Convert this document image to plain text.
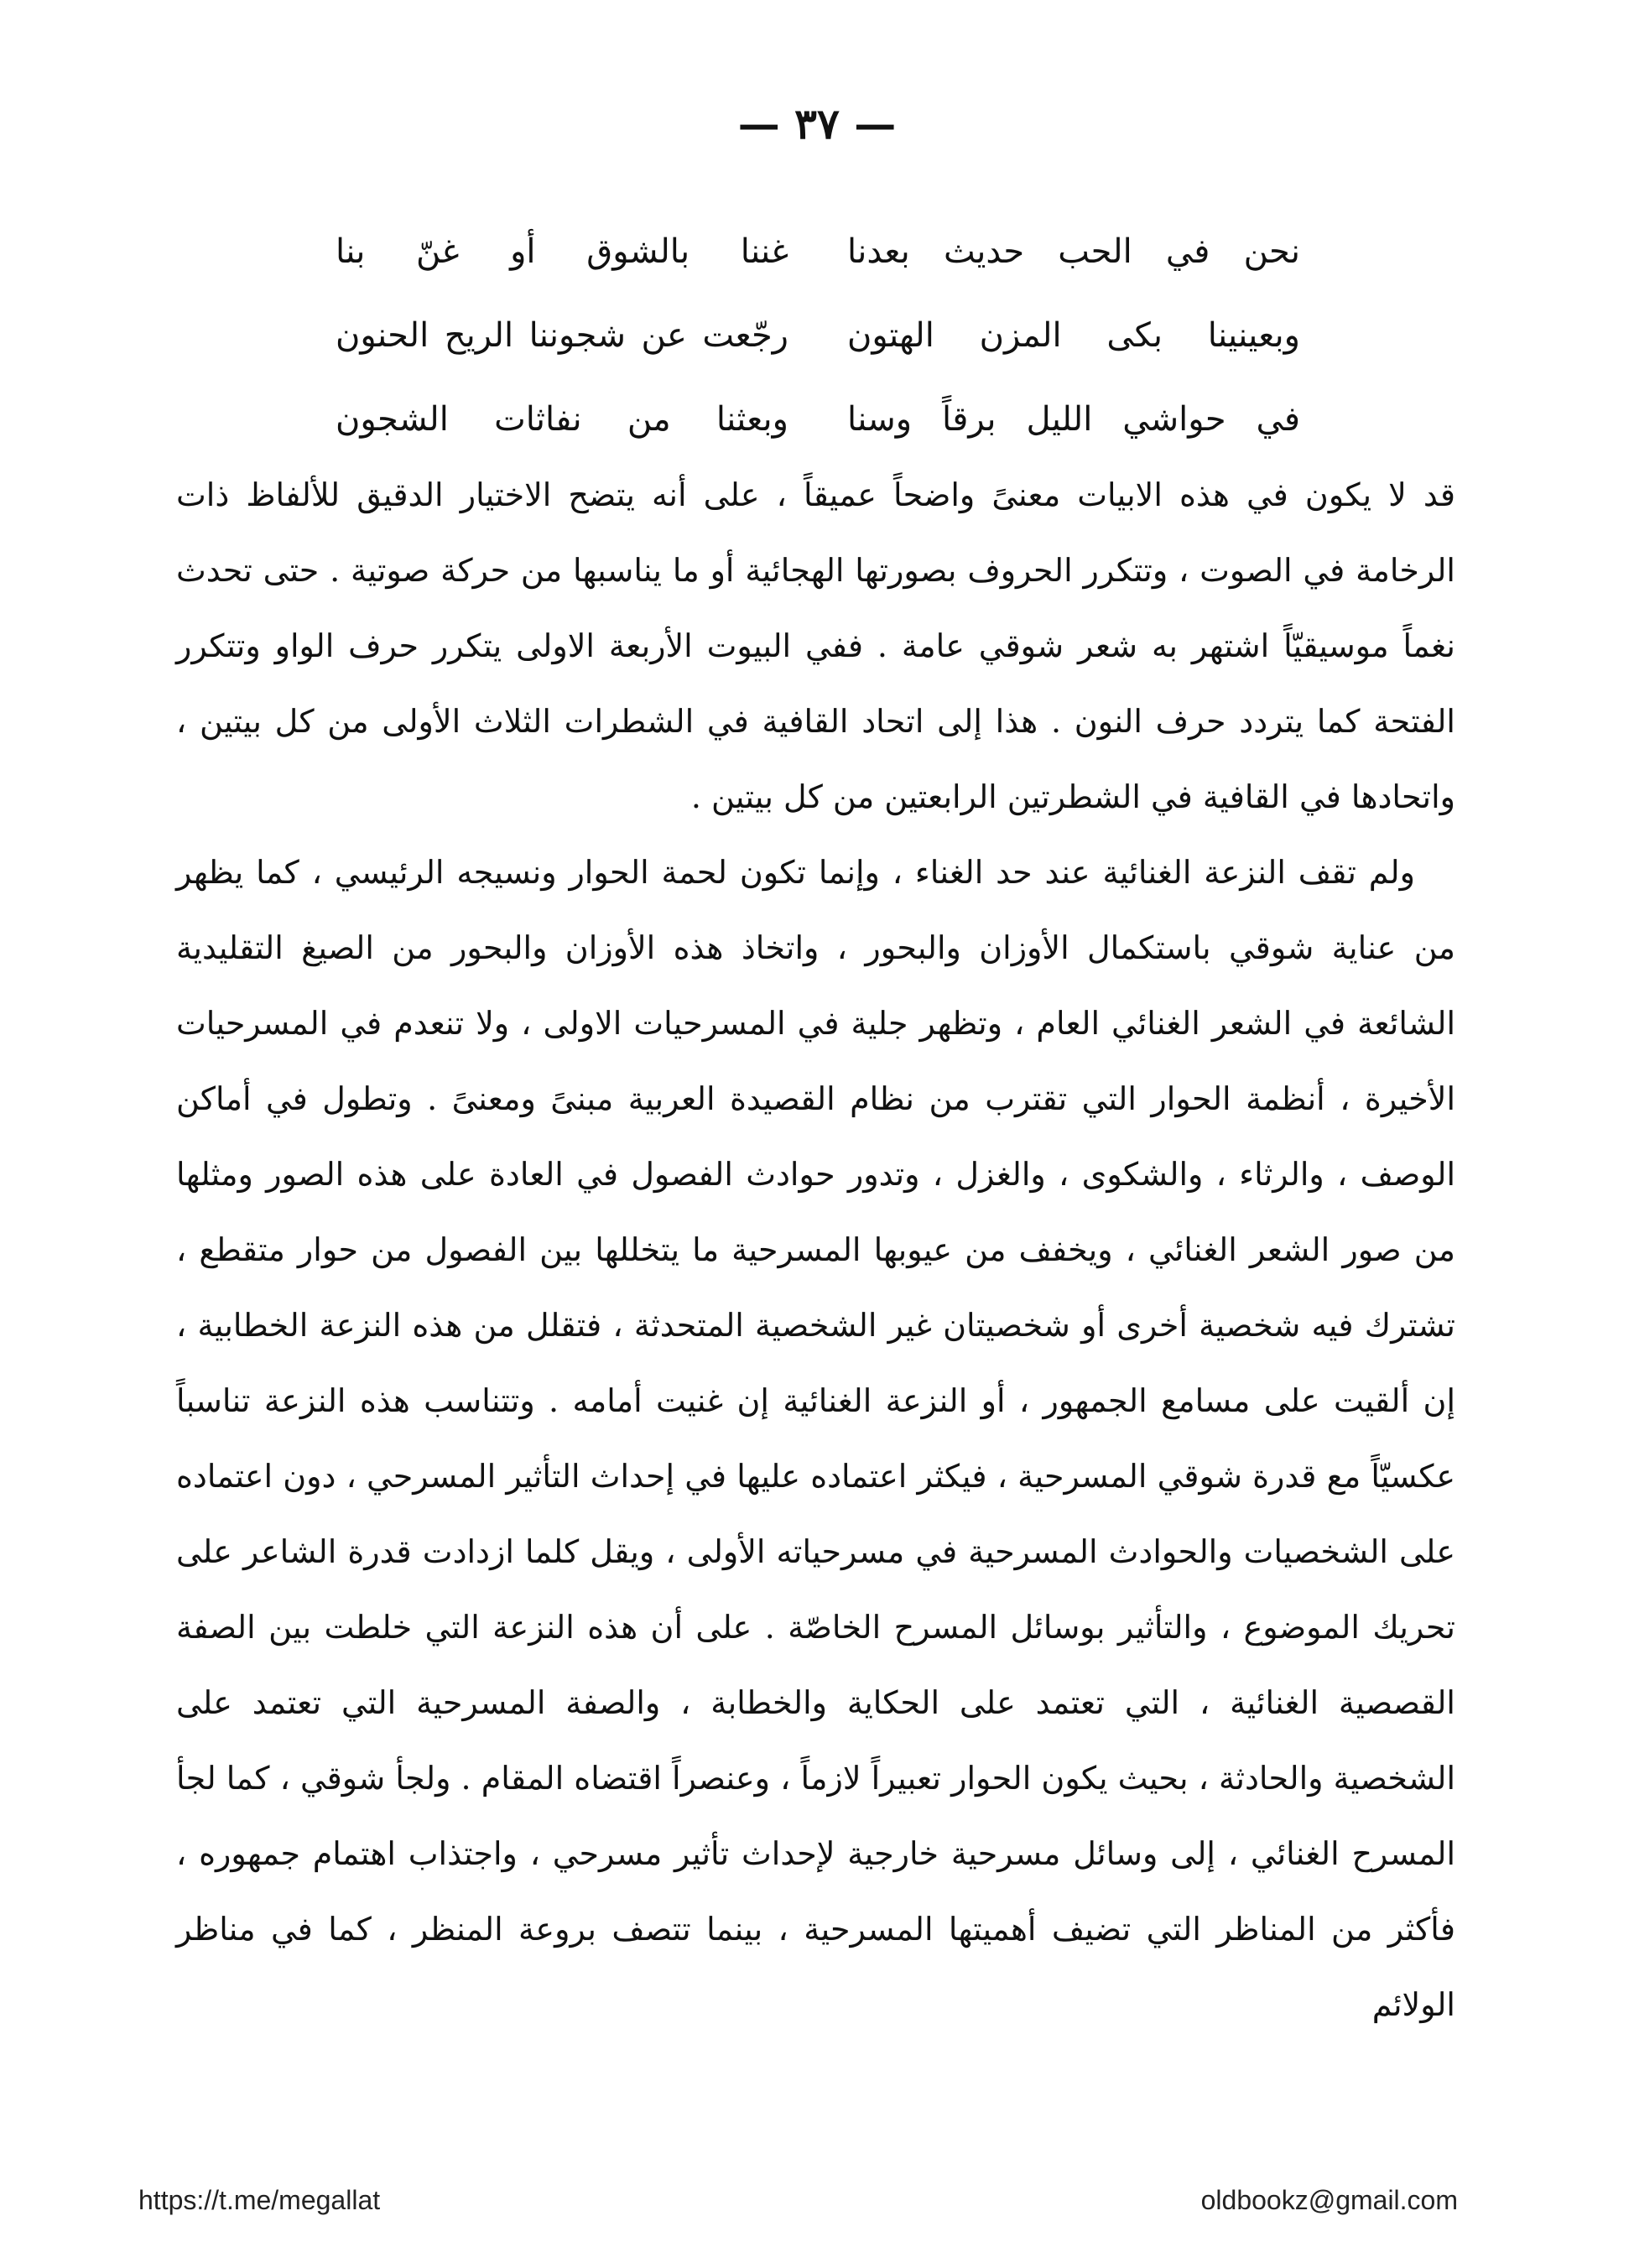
— ٣٧ —
نحن في الحب حديث بعدنا
غننا بالشوق أو غنّ بنا
وبعينينا بكى المزن الهتون
رجّعت عن شجوننا الريح الحنون
في حواشي الليل برقاً وسنا
وبعثنا من نفاثات الشجون

قد لا يكون في هذه الابيات معنىً واضحاً عميقاً ، على أنه يتضح الاختيار الدقيق للألفاظ ذات الرخامة في الصوت ، وتتكرر الحروف بصورتها الهجائية أو ما يناسبها من حركة صوتية . حتى تحدث نغماً موسيقيّاً اشتهر به شعر شوقي عامة . ففي البيوت الأربعة الاولى يتكرر حرف الواو وتتكرر الفتحة كما يتردد حرف النون . هذا إلى اتحاد القافية في الشطرات الثلاث الأولى من كل بيتين ، واتحادها في القافية في الشطرتين الرابعتين من كل بيتين .

ولم تقف النزعة الغنائية عند حد الغناء ، وإنما تكون لحمة الحوار ونسيجه الرئيسي ، كما يظهر من عناية شوقي باستكمال الأوزان والبحور ، واتخاذ هذه الأوزان والبحور من الصيغ التقليدية الشائعة في الشعر الغنائي العام ، وتظهر جلية في المسرحيات الاولى ، ولا تنعدم في المسرحيات الأخيرة ، أنظمة الحوار التي تقترب من نظام القصيدة العربية مبنىً ومعنىً . وتطول في أماكن الوصف ، والرثاء ، والشكوى ، والغزل ، وتدور حوادث الفصول في العادة على هذه الصور ومثلها من صور الشعر الغنائي ، ويخفف من عيوبها المسرحية ما يتخللها بين الفصول من حوار متقطع ، تشترك فيه شخصية أخرى أو شخصيتان غير الشخصية المتحدثة ، فتقلل من هذه النزعة الخطابية ، إن ألقيت على مسامع الجمهور ، أو النزعة الغنائية إن غنيت أمامه . وتتناسب هذه النزعة تناسباً عكسيّاً مع قدرة شوقي المسرحية ، فيكثر اعتماده عليها في إحداث التأثير المسرحي ، دون اعتماده على الشخصيات والحوادث المسرحية في مسرحياته الأولى ، ويقل كلما ازدادت قدرة الشاعر على تحريك الموضوع ، والتأثير بوسائل المسرح الخاصّة . على أن هذه النزعة التي خلطت بين الصفة القصصية الغنائية ، التي تعتمد على الحكاية والخطابة ، والصفة المسرحية التي تعتمد على الشخصية والحادثة ، بحيث يكون الحوار تعبيراً لازماً ، وعنصراً اقتضاه المقام . ولجأ شوقي ، كما لجأ المسرح الغنائي ، إلى وسائل مسرحية خارجية لإحداث تأثير مسرحي ، واجتذاب اهتمام جمهوره ، فأكثر من المناظر التي تضيف أهميتها المسرحية ، بينما تتصف بروعة المنظر ، كما في مناظر الولائم

https://t.me/megallat	oldbookz@gmail.com
